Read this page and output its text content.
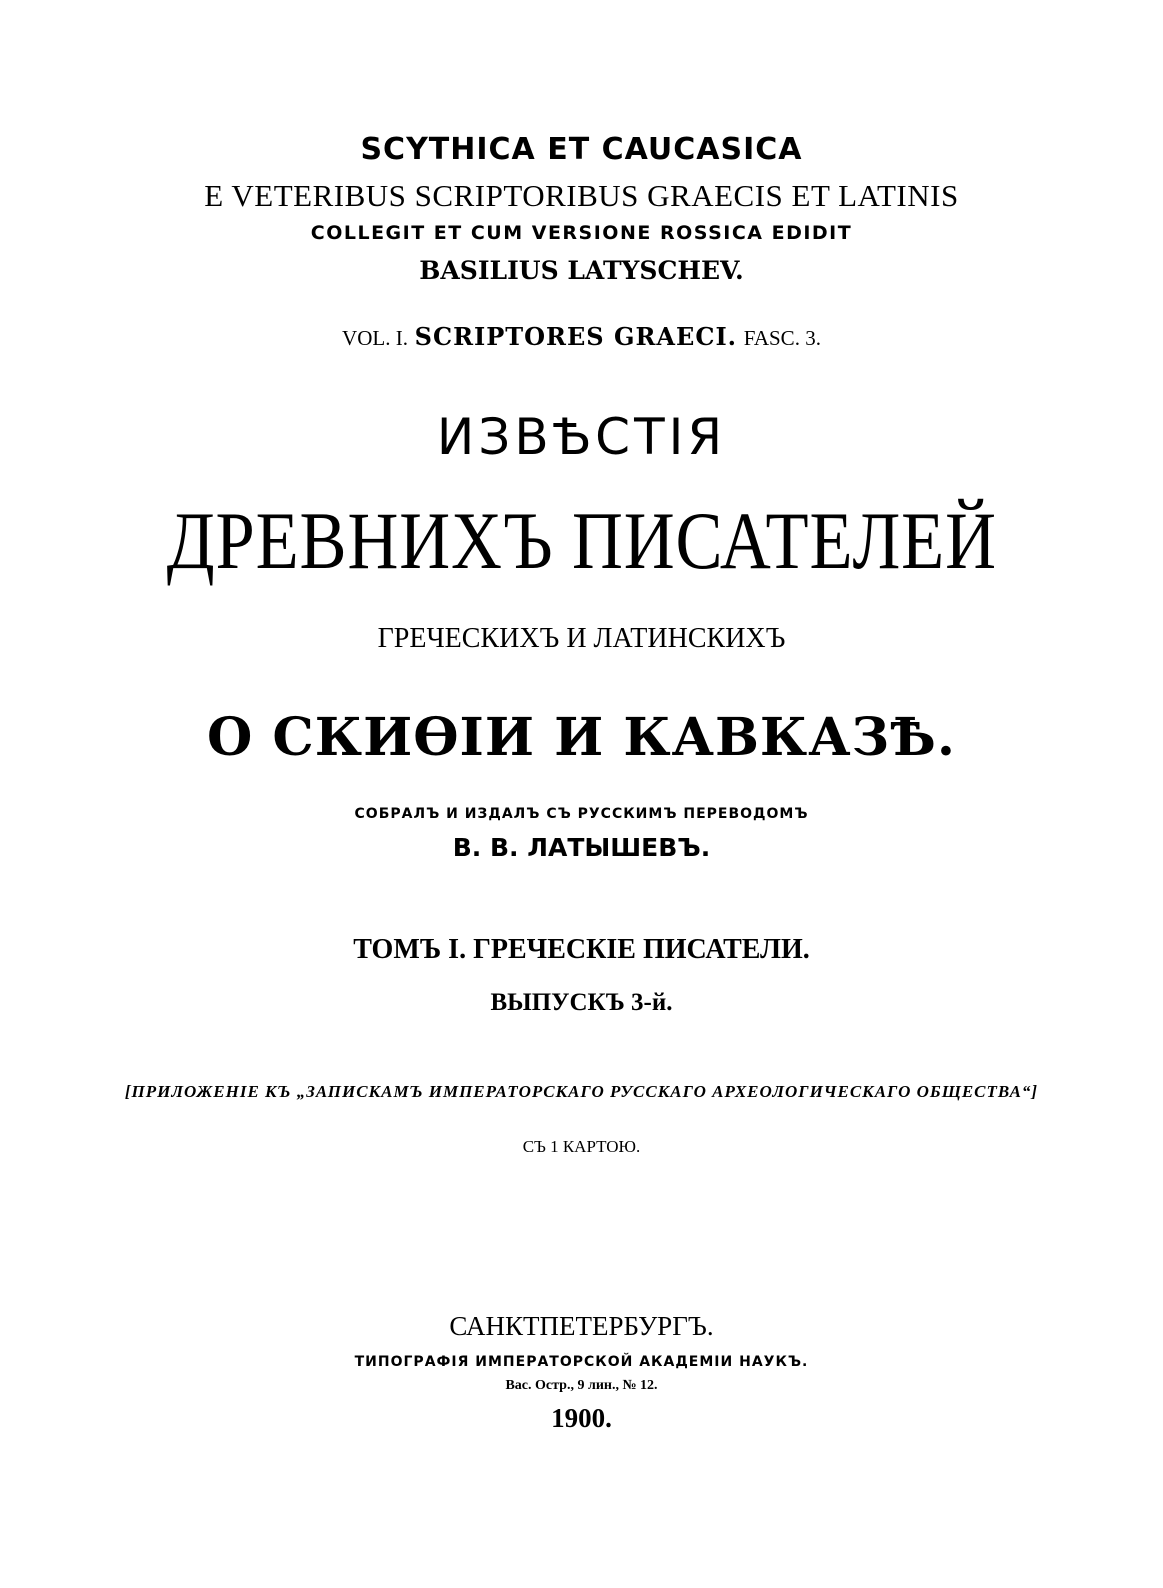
SCYTHICA ET CAUCASICA
E VETERIBUS SCRIPTORIBUS GRAECIS ET LATINIS
COLLEGIT ET CUM VERSIONE ROSSICA EDIDIT
BASILIUS LATYSCHEV.
VOL. I. SCRIPTORES GRAECI. FASC. 3.
ИЗВѢСТІЯ
ДРЕВНИХЪ ПИСАТЕЛЕЙ
ГРЕЧЕСКИХЪ И ЛАТИНСКИХЪ
О СКИѲІИ И КАВКАЗѢ.
СОБРАЛЪ И ИЗДАЛЪ СЪ РУССКИМЪ ПЕРЕВОДОМЪ
В. В. ЛАТЫШЕВЪ.
ТОМЪ I. ГРЕЧЕСКІЕ ПИСАТЕЛИ.
ВЫПУСКЪ 3-й.
[ПРИЛОЖЕНІЕ КЪ „ЗАПИСКАМЪ ИМПЕРАТОРСКАГО РУССКАГО АРХЕОЛОГИЧЕСКАГО ОБЩЕСТВА“]
СЪ 1 КАРТОЮ.
САНКТПЕТЕРБУРГЪ.
ТИПОГРАФІЯ ИМПЕРАТОРСКОЙ АКАДЕМІИ НАУКЪ.
Вас. Остр., 9 лин., № 12.
1900.
